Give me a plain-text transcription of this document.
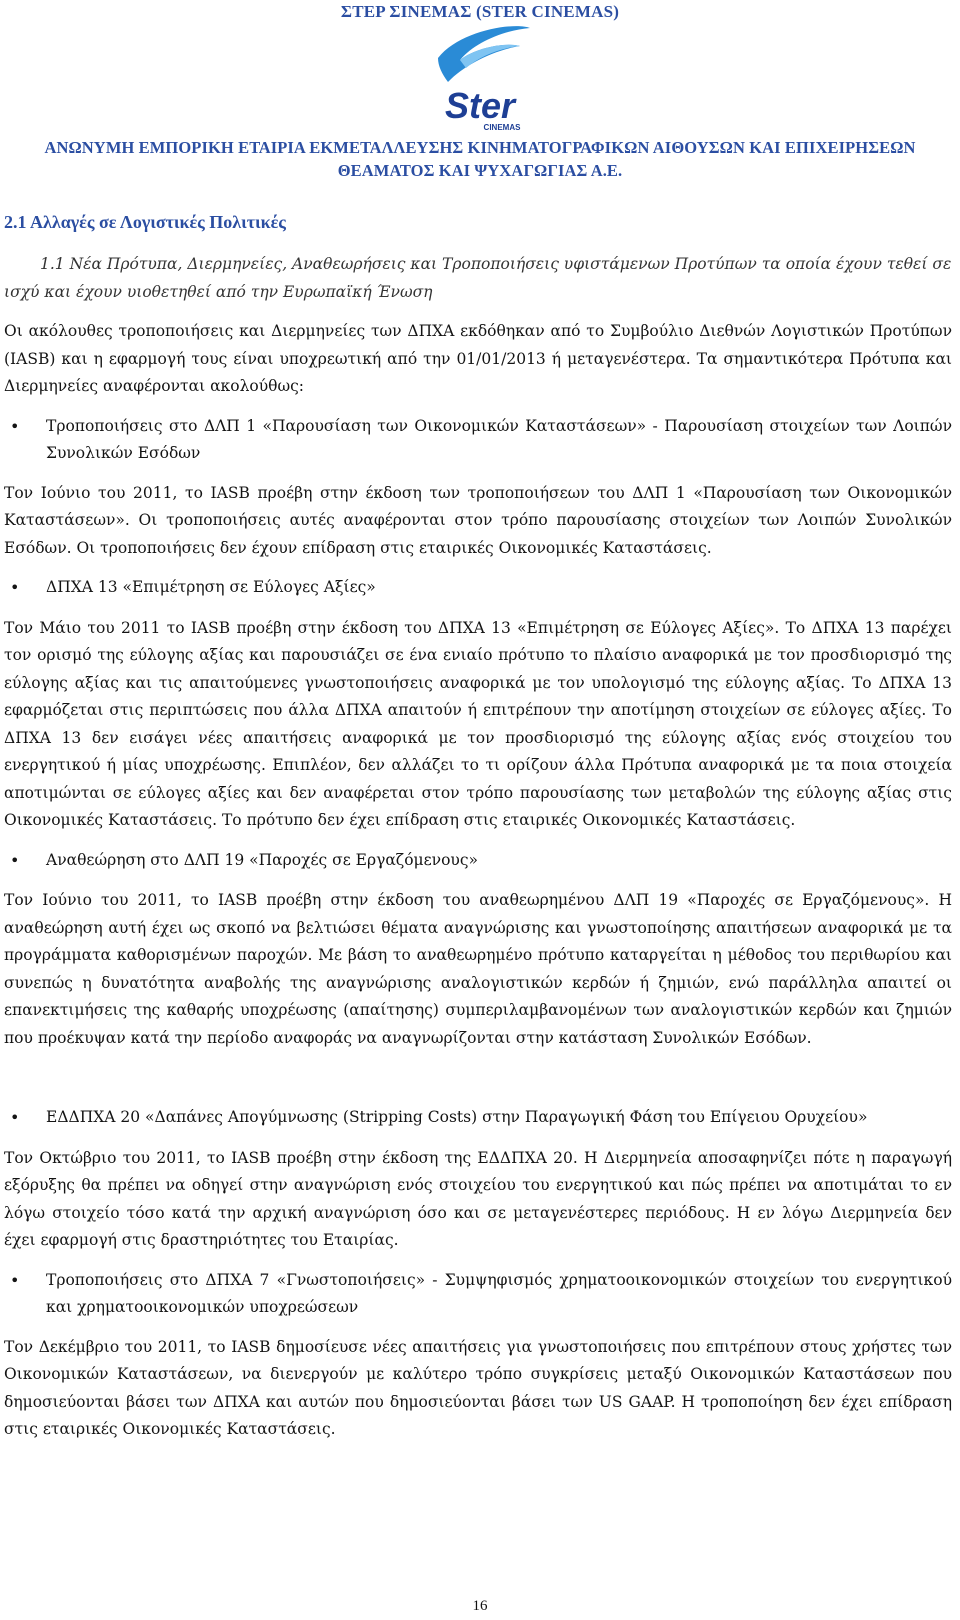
ΣΤΕΡ ΣΙΝΕΜΑΣ (STER CINEMAS)
Ster
CINEMAS
ΑΝΩΝΥΜΗ ΕΜΠΟΡΙΚΗ ΕΤΑΙΡΙΑ ΕΚΜΕΤΑΛΛΕΥΣΗΣ ΚΙΝΗΜΑΤΟΓΡΑΦΙΚΩΝ ΑΙΘΟΥΣΩΝ ΚΑΙ ΕΠΙΧΕΙΡΗΣΕΩΝ
ΘΕΑΜΑΤΟΣ ΚΑΙ ΨΥΧΑΓΩΓΙΑΣ Α.Ε.
2.1 Αλλαγές σε Λογιστικές Πολιτικές

1.1 Νέα Πρότυπα, Διερμηνείες, Αναθεωρήσεις και Τροποποιήσεις υφιστάμενων Προτύπων τα οποία έχουν τεθεί σε ισχύ και έχουν υιοθετηθεί από την Ευρωπαϊκή Ένωση

Οι ακόλουθες τροποποιήσεις και Διερμηνείες των ΔΠΧΑ εκδόθηκαν από το Συμβούλιο Διεθνών Λογιστικών Προτύπων (IASB) και η εφαρμογή τους είναι υποχρεωτική από την 01/01/2013 ή μεταγενέστερα. Τα σημαντικότερα Πρότυπα και Διερμηνείες αναφέρονται ακολούθως:

•
Τροποποιήσεις στο ΔΛΠ 1 «Παρουσίαση των Οικονομικών Καταστάσεων» - Παρουσίαση στοιχείων των Λοιπών Συνολικών Εσόδων

Τον Ιούνιο του 2011, το IASB προέβη στην έκδοση των τροποποιήσεων του ΔΛΠ 1 «Παρουσίαση των Οικονομικών Καταστάσεων». Οι τροποποιήσεις αυτές αναφέρονται στον τρόπο παρουσίασης στοιχείων των Λοιπών Συνολικών Εσόδων. Οι τροποποιήσεις δεν έχουν επίδραση στις εταιρικές Οικονομικές Καταστάσεις.

•
ΔΠΧΑ 13 «Επιμέτρηση σε Εύλογες Αξίες»

Τον Μάιο του 2011 το IASB προέβη στην έκδοση του ΔΠΧΑ 13 «Επιμέτρηση σε Εύλογες Αξίες». Το ΔΠΧΑ 13 παρέχει τον ορισμό της εύλογης αξίας και παρουσιάζει σε ένα ενιαίο πρότυπο το πλαίσιο αναφορικά με τον προσδιορισμό της εύλογης αξίας και τις απαιτούμενες γνωστοποιήσεις αναφορικά με τον υπολογισμό της εύλογης αξίας. Το ΔΠΧΑ 13 εφαρμόζεται στις περιπτώσεις που άλλα ΔΠΧΑ απαιτούν ή επιτρέπουν την αποτίμηση στοιχείων σε εύλογες αξίες. Το ΔΠΧΑ 13 δεν εισάγει νέες απαιτήσεις αναφορικά με τον προσδιορισμό της εύλογης αξίας ενός στοιχείου του ενεργητικού ή μίας υποχρέωσης. Επιπλέον, δεν αλλάζει το τι ορίζουν άλλα Πρότυπα αναφορικά με τα ποια στοιχεία αποτιμώνται σε εύλογες αξίες και δεν αναφέρεται στον τρόπο παρουσίασης των μεταβολών της εύλογης αξίας στις Οικονομικές Καταστάσεις. Το πρότυπο δεν έχει επίδραση στις εταιρικές Οικονομικές Καταστάσεις.

•
Αναθεώρηση στο ΔΛΠ 19 «Παροχές σε Εργαζόμενους»

Τον Ιούνιο του 2011, το IASB προέβη στην έκδοση του αναθεωρημένου ΔΛΠ 19 «Παροχές σε Εργαζόμενους». Η αναθεώρηση αυτή έχει ως σκοπό να βελτιώσει θέματα αναγνώρισης και γνωστοποίησης απαιτήσεων αναφορικά με τα προγράμματα καθορισμένων παροχών. Με βάση το αναθεωρημένο πρότυπο καταργείται η μέθοδος του περιθωρίου και συνεπώς η δυνατότητα αναβολής της αναγνώρισης αναλογιστικών κερδών ή ζημιών, ενώ παράλληλα απαιτεί οι επανεκτιμήσεις της καθαρής υποχρέωσης (απαίτησης) συμπεριλαμβανομένων των αναλογιστικών κερδών και ζημιών που προέκυψαν κατά την περίοδο αναφοράς να αναγνωρίζονται στην κατάσταση Συνολικών Εσόδων.

•
ΕΔΔΠΧΑ 20 «Δαπάνες Απογύμνωσης (Stripping Costs) στην Παραγωγική Φάση του Επίγειου Ορυχείου»

Τον Οκτώβριο του 2011, το IASB προέβη στην έκδοση της ΕΔΔΠΧΑ 20. Η Διερμηνεία αποσαφηνίζει πότε η παραγωγή εξόρυξης θα πρέπει να οδηγεί στην αναγνώριση ενός στοιχείου του ενεργητικού και πώς πρέπει να αποτιμάται το εν λόγω στοιχείο τόσο κατά την αρχική αναγνώριση όσο και σε μεταγενέστερες περιόδους. Η εν λόγω Διερμηνεία δεν έχει εφαρμογή στις δραστηριότητες του Εταιρίας.

•
Τροποποιήσεις στο ΔΠΧΑ 7 «Γνωστοποιήσεις» - Συμψηφισμός χρηματοοικονομικών στοιχείων του ενεργητικού και χρηματοοικονομικών υποχρεώσεων

Τον Δεκέμβριο του 2011, το IASB δημοσίευσε νέες απαιτήσεις για γνωστοποιήσεις που επιτρέπουν στους χρήστες των Οικονομικών Καταστάσεων, να διενεργούν με καλύτερο τρόπο συγκρίσεις μεταξύ Οικονομικών Καταστάσεων που δημοσιεύονται βάσει των ΔΠΧΑ και αυτών που δημοσιεύονται βάσει των US GAAP. Η τροποποίηση δεν έχει επίδραση στις εταιρικές Οικονομικές Καταστάσεις.

16
